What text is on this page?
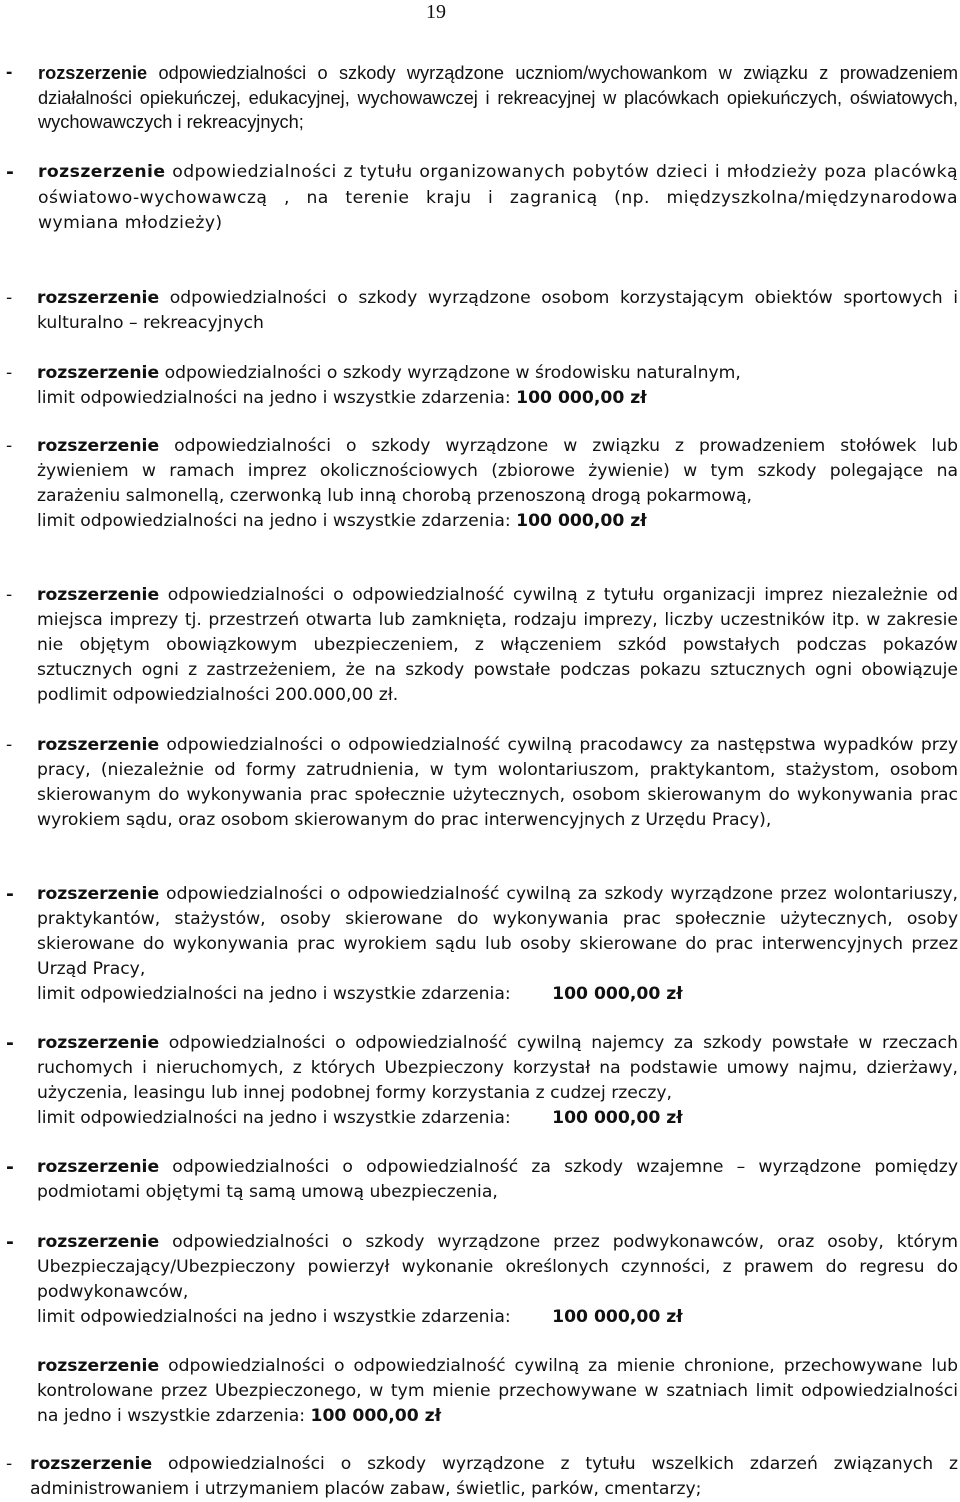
19
- rozszerzenie odpowiedzialności o szkody wyrządzone uczniom/wychowankom w związku z prowadzeniem działalności opiekuńczej, edukacyjnej, wychowawczej i rekreacyjnej w placówkach opiekuńczych, oświatowych, wychowawczych i rekreacyjnych;
- rozszerzenie odpowiedzialności z tytułu organizowanych pobytów dzieci i młodzieży poza placówką oświatowo-wychowawczą , na terenie kraju i zagranicą (np. międzyszkolna/międzynarodowa wymiana młodzieży)
- rozszerzenie odpowiedzialności o szkody wyrządzone osobom korzystającym obiektów sportowych i kulturalno – rekreacyjnych
- rozszerzenie odpowiedzialności o szkody wyrządzone w środowisku naturalnym,
limit odpowiedzialności na jedno i wszystkie zdarzenia: 100 000,00 zł
- rozszerzenie odpowiedzialności o szkody wyrządzone w związku z prowadzeniem stołówek lub żywieniem w ramach imprez okolicznościowych (zbiorowe żywienie) w tym szkody polegające na zarażeniu salmonellą, czerwonką lub inną chorobą przenoszoną drogą pokarmową,
limit odpowiedzialności na jedno i wszystkie zdarzenia: 100 000,00 zł
- rozszerzenie odpowiedzialności o odpowiedzialność cywilną z tytułu organizacji imprez niezależnie od miejsca imprezy tj. przestrzeń otwarta lub zamknięta, rodzaju imprezy, liczby uczestników itp. w zakresie nie objętym obowiązkowym ubezpieczeniem, z włączeniem szkód powstałych podczas pokazów sztucznych ogni z zastrzeżeniem, że na szkody powstałe podczas pokazu sztucznych ogni obowiązuje podlimit odpowiedzialności 200.000,00 zł.
- rozszerzenie odpowiedzialności o odpowiedzialność cywilną pracodawcy za następstwa wypadków przy pracy, (niezależnie od formy zatrudnienia, w tym wolontariuszom, praktykantom, stażystom, osobom skierowanym do wykonywania prac społecznie użytecznych, osobom skierowanym do wykonywania prac wyrokiem sądu, oraz osobom skierowanym do prac interwencyjnych z Urzędu Pracy),
- rozszerzenie odpowiedzialności o odpowiedzialność cywilną za szkody wyrządzone przez wolontariuszy, praktykantów, stażystów, osoby skierowane do wykonywania prac społecznie użytecznych, osoby skierowane do wykonywania prac wyrokiem sądu lub osoby skierowane do prac interwencyjnych przez Urząd Pracy,
limit odpowiedzialności na jedno i wszystkie zdarzenia: 100 000,00 zł
- rozszerzenie odpowiedzialności o odpowiedzialność cywilną najemcy za szkody powstałe w rzeczach ruchomych i nieruchomych, z których Ubezpieczony korzystał na podstawie umowy najmu, dzierżawy, użyczenia, leasingu lub innej podobnej formy korzystania z cudzej rzeczy,
limit odpowiedzialności na jedno i wszystkie zdarzenia: 100 000,00 zł
- rozszerzenie odpowiedzialności o odpowiedzialność za szkody wzajemne – wyrządzone pomiędzy podmiotami objętymi tą samą umową ubezpieczenia,
- rozszerzenie odpowiedzialności o szkody wyrządzone przez podwykonawców, oraz osoby, którym Ubezpieczający/Ubezpieczony powierzył wykonanie określonych czynności, z prawem do regresu do podwykonawców,
limit odpowiedzialności na jedno i wszystkie zdarzenia: 100 000,00 zł
rozszerzenie odpowiedzialności o odpowiedzialność cywilną za mienie chronione, przechowywane lub kontrolowane przez Ubezpieczonego, w tym mienie przechowywane w szatniach limit odpowiedzialności na jedno i wszystkie zdarzenia: 100 000,00 zł
- rozszerzenie odpowiedzialności o szkody wyrządzone z tytułu wszelkich zdarzeń związanych z administrowaniem i utrzymaniem placów zabaw, świetlic, parków, cmentarzy;
